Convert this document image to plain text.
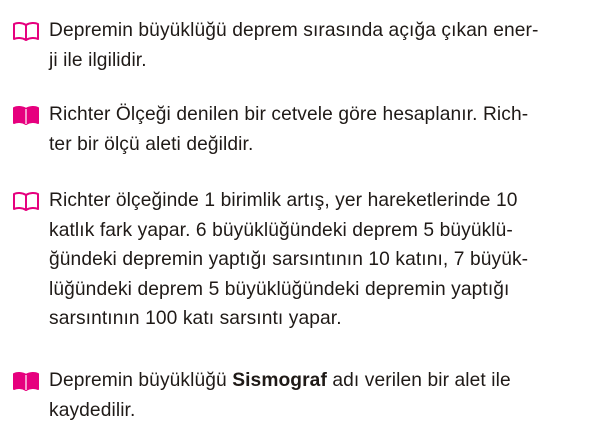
Depremin büyüklüğü deprem sırasında açığa çıkan ener-
ji ile ilgilidir.
Richter Ölçeği denilen bir cetvele göre hesaplanır. Rich-
ter bir ölçü aleti değildir.
Richter ölçeğinde 1 birimlik artış, yer hareketlerinde 10
katlık fark yapar. 6 büyüklüğündeki deprem 5 büyüklü-
ğündeki depremin yaptığı sarsıntının 10 katını, 7 büyük-
lüğündeki deprem 5 büyüklüğündeki depremin yaptığı
sarsıntının 100 katı sarsıntı yapar.
Depremin büyüklüğü Sismograf adı verilen bir alet ile
kaydedilir.
